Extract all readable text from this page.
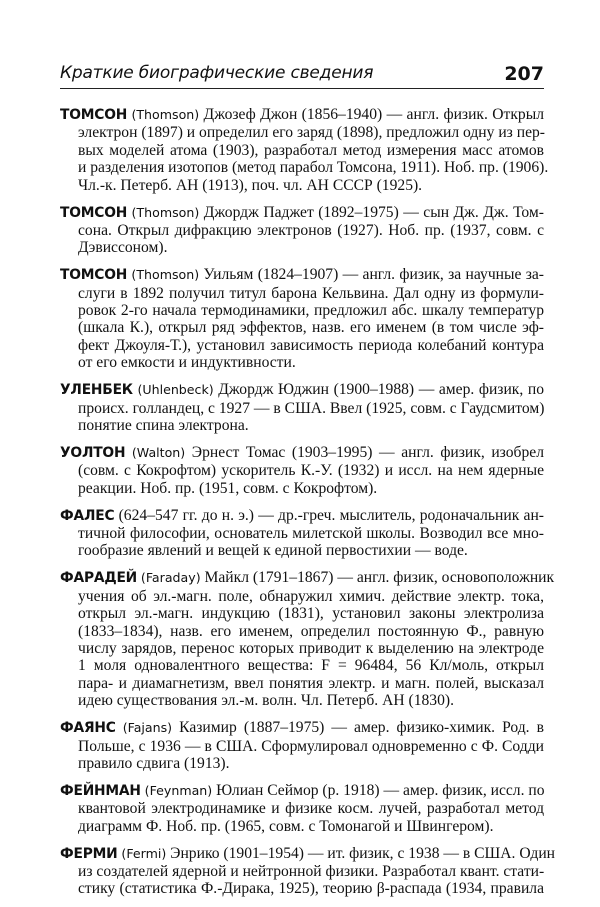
Краткие биографические сведения	207
ТОМСОН (Thomson) Джозеф Джон (1856–1940) — англ. физик. Открыл
электрон (1897) и определил его заряд (1898), предложил одну из пер-
вых моделей атома (1903), разработал метод измерения масс атомов
и разделения изотопов (метод парабол Томсона, 1911). Ноб. пр. (1906).
Чл.-к. Петерб. АН (1913), поч. чл. АН СССР (1925).
ТОМСОН (Thomson) Джордж Паджет (1892–1975) — сын Дж. Дж. Том-
сона. Открыл дифракцию электронов (1927). Ноб. пр. (1937, совм. с
Дэвиссоном).
ТОМСОН (Thomson) Уильям (1824–1907) — англ. физик, за научные за-
слуги в 1892 получил титул барона Кельвина. Дал одну из формули-
ровок 2-го начала термодинамики, предложил абс. шкалу температур
(шкала К.), открыл ряд эффектов, назв. его именем (в том числе эф-
фект Джоуля-Т.), установил зависимость периода колебаний контура
от его емкости и индуктивности.
УЛЕНБЕК (Uhlenbeck) Джордж Юджин (1900–1988) — амер. физик, по
происх. голландец, с 1927 — в США. Ввел (1925, совм. с Гаудсмитом)
понятие спина электрона.
УОЛТОН (Walton) Эрнест Томас (1903–1995) — англ. физик, изобрел
(совм. с Кокрофтом) ускоритель К.-У. (1932) и иссл. на нем ядерные
реакции. Ноб. пр. (1951, совм. с Кокрофтом).
ФАЛЕС (624–547 гг. до н. э.) — др.-греч. мыслитель, родоначальник ан-
тичной философии, основатель милетской школы. Возводил все мно-
гообразие явлений и вещей к единой первостихии — воде.
ФАРАДЕЙ (Faraday) Майкл (1791–1867) — англ. физик, основоположник
учения об эл.-магн. поле, обнаружил химич. действие электр. тока,
открыл эл.-магн. индукцию (1831), установил законы электролиза
(1833–1834), назв. его именем, определил постоянную Ф., равную
числу зарядов, перенос которых приводит к выделению на электроде
1 моля одновалентного вещества: F = 96484, 56 Кл/моль, открыл
пара- и диамагнетизм, ввел понятия электр. и магн. полей, высказал
идею существования эл.-м. волн. Чл. Петерб. АН (1830).
ФАЯНС (Fajans) Казимир (1887–1975) — амер. физико-химик. Род. в
Польше, с 1936 — в США. Сформулировал одновременно с Ф. Содди
правило сдвига (1913).
ФЕЙНМАН (Feynman) Юлиан Сеймор (р. 1918) — амер. физик, иссл. по
квантовой электродинамике и физике косм. лучей, разработал метод
диаграмм Ф. Ноб. пр. (1965, совм. с Томонагой и Швингером).
ФЕРМИ (Fermi) Энрико (1901–1954) — ит. физик, с 1938 — в США. Один
из создателей ядерной и нейтронной физики. Разработал квант. стати-
стику (статистика Ф.-Дирака, 1925), теорию β-распада (1934, правила
